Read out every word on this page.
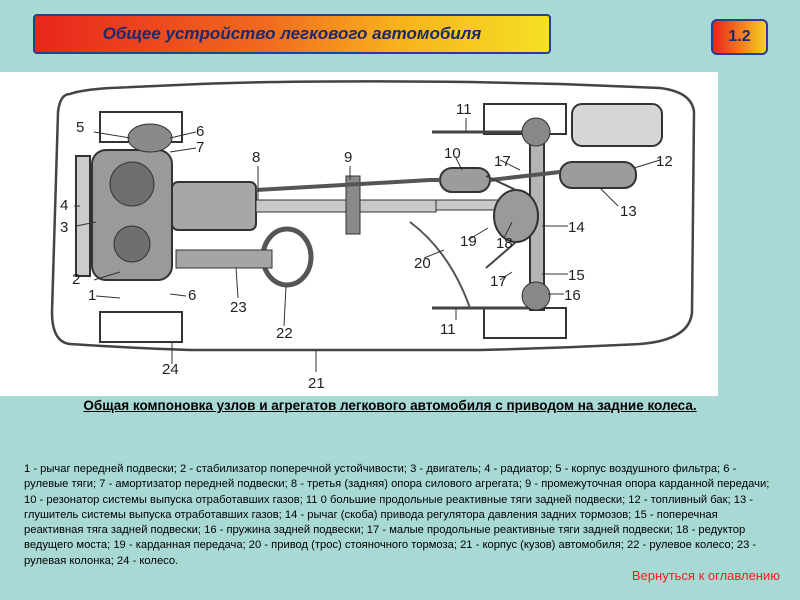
Общее устройство легкового автомобиля	1.2
1
2
3
4
5	6
7
6
8	9	10
11
11
12
13
14
15
16
17
17
18
19
20
21
22
23
24
Общая компоновка узлов и агрегатов легкового автомобиля с приводом на задние колеса.
1 - рычаг передней подвески; 2 - стабилизатор поперечной устойчивости; 3 - двигатель; 4 - радиатор; 5 - корпус воздушного фильтра; 6 - рулевые тяги; 7 - амортизатор передней подвески; 8 - третья (задняя) опора силового агрегата; 9 - промежуточная опора карданной передачи; 10 - резонатор системы выпуска отработавших газов; 11 0 большие продольные реактивные тяги задней подвески; 12 - топливный бак; 13 - глушитель системы выпуска отработавших газов; 14 - рычаг (скоба) привода регулятора давления задних тормозов; 15 - поперечная реактивная тяга задней подвески; 16 - пружина задней подвески; 17 - малые продольные реактивные тяги задней подвески; 18 - редуктор ведущего моста; 19 - карданная передача; 20 - привод (трос) стояночного тормоза; 21 - корпус (кузов) автомобиля; 22 - рулевое колесо; 23 - рулевая колонка; 24 - колесо.
Вернуться к оглавлению
